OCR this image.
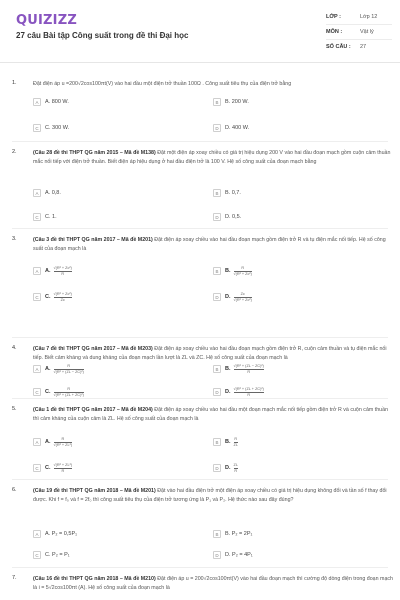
QUIZIZZ
27 câu Bài tập Công suất trong đề thi Đại học
LỚP :	Lớp 12
MÔN :	Vật lý
SỐ CÂU :	27
1.	Đặt điện áp u =200√2cos100πt(V) vào hai đầu một điện trở thuần 100Ω . Công suất tiêu thụ của điện trở bằng
A	A. 800 W.	B	B. 200 W.
C	C. 300 W.	D	D. 400 W.
2.	(Câu 28 đề thi THPT QG năm 2015 – Mã đề M138) Đặt một điện áp xoay chiều có giá trị hiệu dụng 200 V vào hai đầu đoạn mạch gồm cuộn cảm thuần mắc nối tiếp với điện trở thuần. Biết điện áp hiệu dụng ở hai đầu điện trở là 100 V. Hệ số công suất của đoạn mạch bằng
A	A. 0,8.	B	B. 0,7.
C	C. 1.	D	D. 0,5.
3.	(Câu 3 đề thi THPT QG năm 2017 – Mã đề M201) Đặt điện áp xoay chiều vào hai đầu đoạn mạch gồm điện trở R và tụ điện mắc nối tiếp. Hệ số công suất của đoạn mạch là
A	A. $\frac{\text{√(R² + Zc²)}}{R}$	B	B. $\frac{R}{\text{√(R² + Zc²)}}$
C	C. $\frac{\text{√(R² + Zc²)}}{Zc}$	D	D. $\frac{Zc}{\text{√(R² + Zc²)}}$
4.	(Câu 7 đề thi THPT QG năm 2017 – Mã đề M203) Đặt điện áp xoay chiều vào hai đầu đoạn mạch gồm điện trở R, cuộn cảm thuần và tụ điện mắc nối tiếp. Biết cảm kháng và dung kháng của đoạn mạch lần lượt là ZL và ZC. Hệ số công suất của đoạn mạch là
A	A. $\frac{R}{\text{√(R² + (ZL − ZC)²)}}$	B	B. $\frac{\text{√(R² + (ZL − ZC)²)}}{R}$
C	C. $\frac{R}{\text{√(R² + (ZL + ZC)²)}}$	D	D. $\frac{\text{√(R² + (ZL + ZC)²)}}{R}$
5.	(Câu 1 đề thi THPT QG năm 2017 – Mã đề M204) Đặt điện áp xoay chiều vào hai đầu một đoạn mạch mắc nối tiếp gồm điện trở R và cuộn cảm thuần thì cảm kháng của cuộn cảm là ZL. Hệ số công suất của đoạn mạch là
A	A. $\frac{R}{\text{√(R² + ZL²)}}$	B	B. $\frac{R}{ZL}$
C	C. $\frac{\text{√(R² + ZL²)}}{R}$	D	D. $\frac{ZL}{R}$
6.	(Câu 19 đề thi THPT QG năm 2018 – Mã đề M201) Đặt vào hai đầu điện trở một điện áp xoay chiều có giá trị hiệu dụng không đổi và tần số f thay đổi được. Khi f = f₀ và f = 2f₀ thì công suất tiêu thụ của điện trở tương ứng là P₁ và P₂. Hệ thức nào sau đây đúng?
A	A. P₂ = 0,5P₁	B	B. P₂ = 2P₁
C	C. P₂ = P₁	D	D. P₂ = 4P₁
7.	(Câu 16 đề thi THPT QG năm 2018 – Mã đề M210) Đặt điện áp u = 200√2cos100πt(V) vào hai đầu đoạn mạch thì cường độ dòng điện trong đoạn mạch là i = 5√2cos100πt (A). Hệ số công suất của đoạn mạch là
